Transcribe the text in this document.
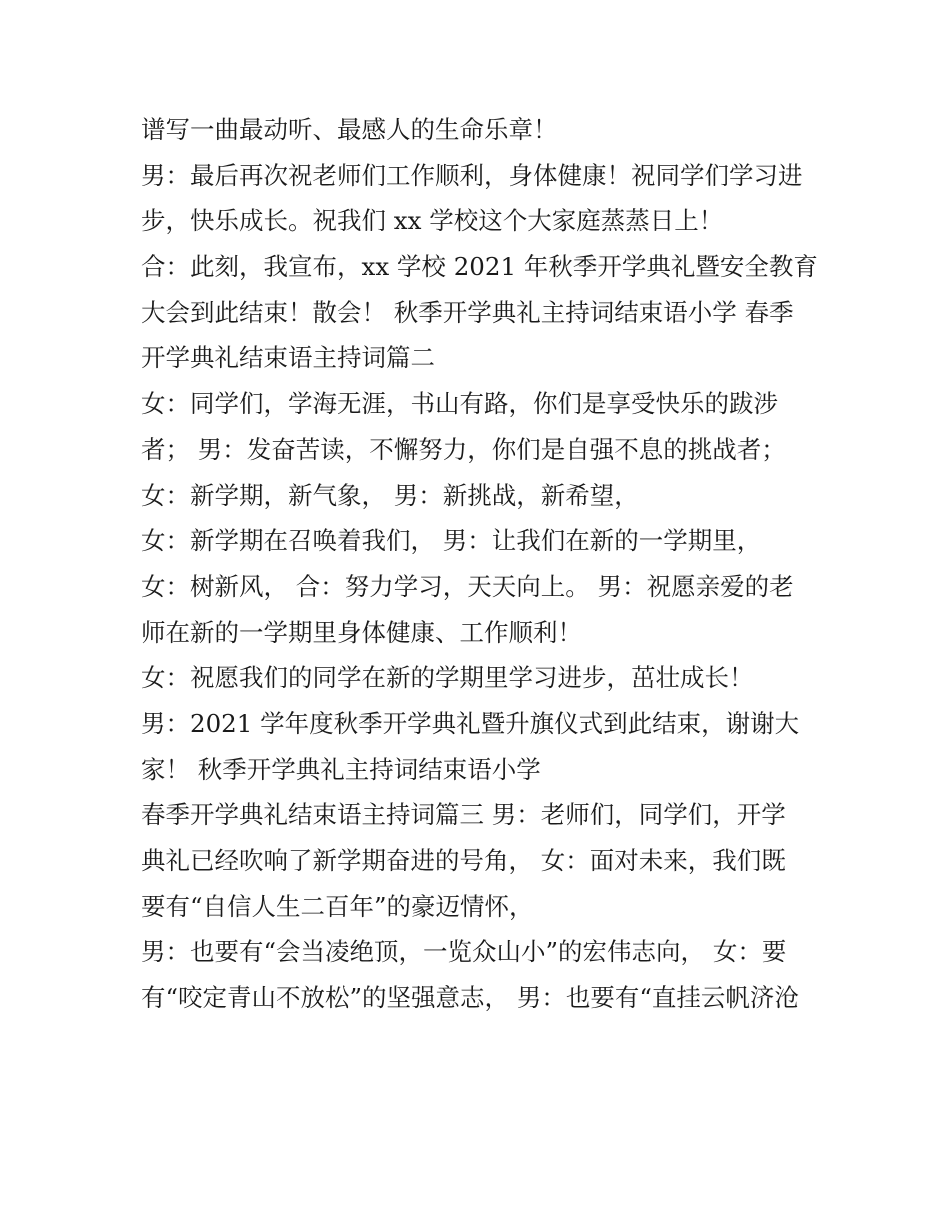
谱写一曲最动听、最感人的生命乐章！
男：最后再次祝老师们工作顺利，身体健康！祝同学们学习进
步，快乐成长。祝我们 xx 学校这个大家庭蒸蒸日上！
合：此刻，我宣布，xx 学校 2021 年秋季开学典礼暨安全教育
大会到此结束！散会！ 秋季开学典礼主持词结束语小学 春季
开学典礼结束语主持词篇二
女：同学们，学海无涯，书山有路，你们是享受快乐的跋涉
者； 男：发奋苦读，不懈努力，你们是自强不息的挑战者；
女：新学期，新气象， 男：新挑战，新希望，
女：新学期在召唤着我们， 男：让我们在新的一学期里，
女：树新风， 合：努力学习，天天向上。 男：祝愿亲爱的老
师在新的一学期里身体健康、工作顺利！
女：祝愿我们的同学在新的学期里学习进步，茁壮成长！
男：2021 学年度秋季开学典礼暨升旗仪式到此结束，谢谢大
家！ 秋季开学典礼主持词结束语小学
春季开学典礼结束语主持词篇三 男：老师们，同学们，开学
典礼已经吹响了新学期奋进的号角， 女：面对未来，我们既
要有“自信人生二百年”的豪迈情怀，
男：也要有“会当凌绝顶，一览众山小”的宏伟志向， 女：要
有“咬定青山不放松”的坚强意志， 男：也要有“直挂云帆济沧
